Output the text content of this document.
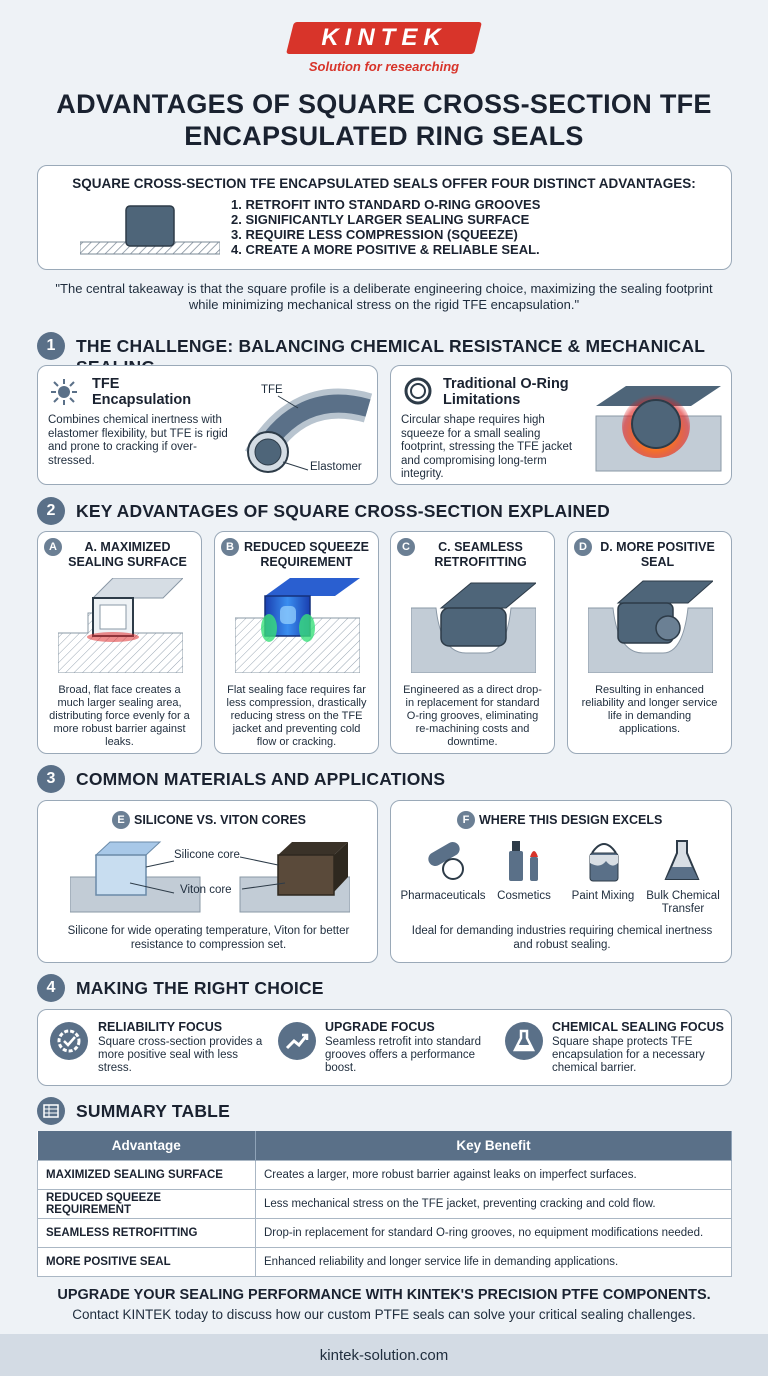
KINTEK
Solution for researching
ADVANTAGES OF SQUARE CROSS-SECTION TFE ENCAPSULATED RING SEALS
SQUARE CROSS-SECTION TFE ENCAPSULATED SEALS OFFER FOUR DISTINCT ADVANTAGES:
1. RETROFIT INTO STANDARD O-RING GROOVES
2. SIGNIFICANTLY LARGER SEALING SURFACE
3. REQUIRE LESS COMPRESSION (SQUEEZE)
4. CREATE A MORE POSITIVE & RELIABLE SEAL.
"The central takeaway is that the square profile is a deliberate engineering choice, maximizing the sealing footprint while minimizing mechanical stress on the rigid TFE encapsulation."
1	THE CHALLENGE: BALANCING CHEMICAL RESISTANCE & MECHANICAL
TFE Encapsulation
Combines chemical inertness with elastomer flexibility, but TFE is rigid and prone to cracking if over-stressed.
TFE
Elastomer
Traditional O-Ring Limitations
Circular shape requires high squeeze for a small sealing footprint, stressing the TFE jacket and compromising long-term integrity.
2	KEY ADVANTAGES OF SQUARE CROSS-SECTION EXPLAINED
A	A. MAXIMIZED SEALING SURFACE
Broad, flat face creates a much larger sealing area, distributing force evenly for a more robust barrier against leaks.
B REDUCED SQUEEZE REQUIREMENT
Flat sealing face requires far less compression, drastically reducing stress on the TFE jacket and preventing cold flow or cracking.
C	C. SEAMLESS RETROFITTING
Engineered as a direct drop-in replacement for standard O-ring grooves, eliminating re-machining costs and downtime.
D	D. MORE POSITIVE SEAL
Resulting in enhanced reliability and longer service life in demanding applications.
3	COMMON MATERIALS AND APPLICATIONS
E SILICONE VS. VITON CORES
Silicone core
Viton core
Silicone for wide operating temperature, Viton for better resistance to compression set.
F WHERE THIS DESIGN EXCELS
Pharmaceuticals	Cosmetics	Paint Mixing	Bulk Chemical Transfer
Ideal for demanding industries requiring chemical inertness and robust sealing.
4	MAKING THE RIGHT CHOICE
RELIABILITY FOCUS
Square cross-section provides a more positive seal with less stress.
UPGRADE FOCUS
Seamless retrofit into standard grooves offers a performance boost.
CHEMICAL SEALING FOCUS
Square shape protects TFE encapsulation for a necessary chemical barrier.
SUMMARY TABLE
Advantage	Key Benefit
MAXIMIZED SEALING SURFACE	Creates a larger, more robust barrier against leaks on imperfect surfaces.
REDUCED SQUEEZE REQUIREMENT	Less mechanical stress on the TFE jacket, preventing cracking and cold flow.
SEAMLESS RETROFITTING	Drop-in replacement for standard O-ring grooves, no equipment modifications needed.
MORE POSITIVE SEAL	Enhanced reliability and longer service life in demanding applications.
UPGRADE YOUR SEALING PERFORMANCE WITH KINTEK'S PRECISION PTFE COMPONENTS.
Contact KINTEK today to discuss how our custom PTFE seals can solve your critical sealing challenges.
kintek-solution.com
